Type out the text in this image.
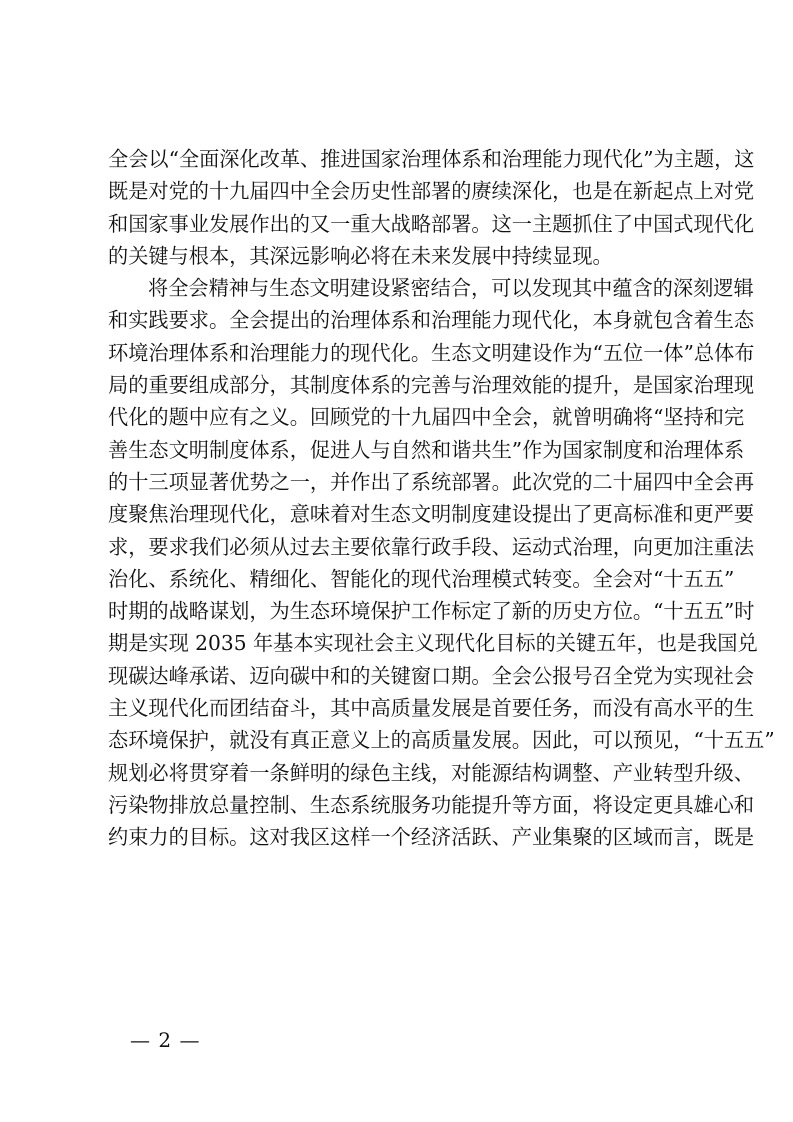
全会以“全面深化改革、推进国家治理体系和治理能力现代化”为主题，这
既是对党的十九届四中全会历史性部署的赓续深化，也是在新起点上对党
和国家事业发展作出的又一重大战略部署。这一主题抓住了中国式现代化
的关键与根本，其深远影响必将在未来发展中持续显现。

将全会精神与生态文明建设紧密结合，可以发现其中蕴含的深刻逻辑
和实践要求。全会提出的治理体系和治理能力现代化，本身就包含着生态
环境治理体系和治理能力的现代化。生态文明建设作为“五位一体”总体布
局的重要组成部分，其制度体系的完善与治理效能的提升，是国家治理现
代化的题中应有之义。回顾党的十九届四中全会，就曾明确将“坚持和完
善生态文明制度体系，促进人与自然和谐共生”作为国家制度和治理体系
的十三项显著优势之一，并作出了系统部署。此次党的二十届四中全会再
度聚焦治理现代化，意味着对生态文明制度建设提出了更高标准和更严要
求，要求我们必须从过去主要依靠行政手段、运动式治理，向更加注重法
治化、系统化、精细化、智能化的现代治理模式转变。全会对“十五五”
时期的战略谋划，为生态环境保护工作标定了新的历史方位。“十五五”时
期是实现 2035 年基本实现社会主义现代化目标的关键五年，也是我国兑
现碳达峰承诺、迈向碳中和的关键窗口期。全会公报号召全党为实现社会
主义现代化而团结奋斗，其中高质量发展是首要任务，而没有高水平的生
态环境保护，就没有真正意义上的高质量发展。因此，可以预见，“十五五”
规划必将贯穿着一条鲜明的绿色主线，对能源结构调整、产业转型升级、
污染物排放总量控制、生态系统服务功能提升等方面，将设定更具雄心和
约束力的目标。这对我区这样一个经济活跃、产业集聚的区域而言，既是

— 2 —
